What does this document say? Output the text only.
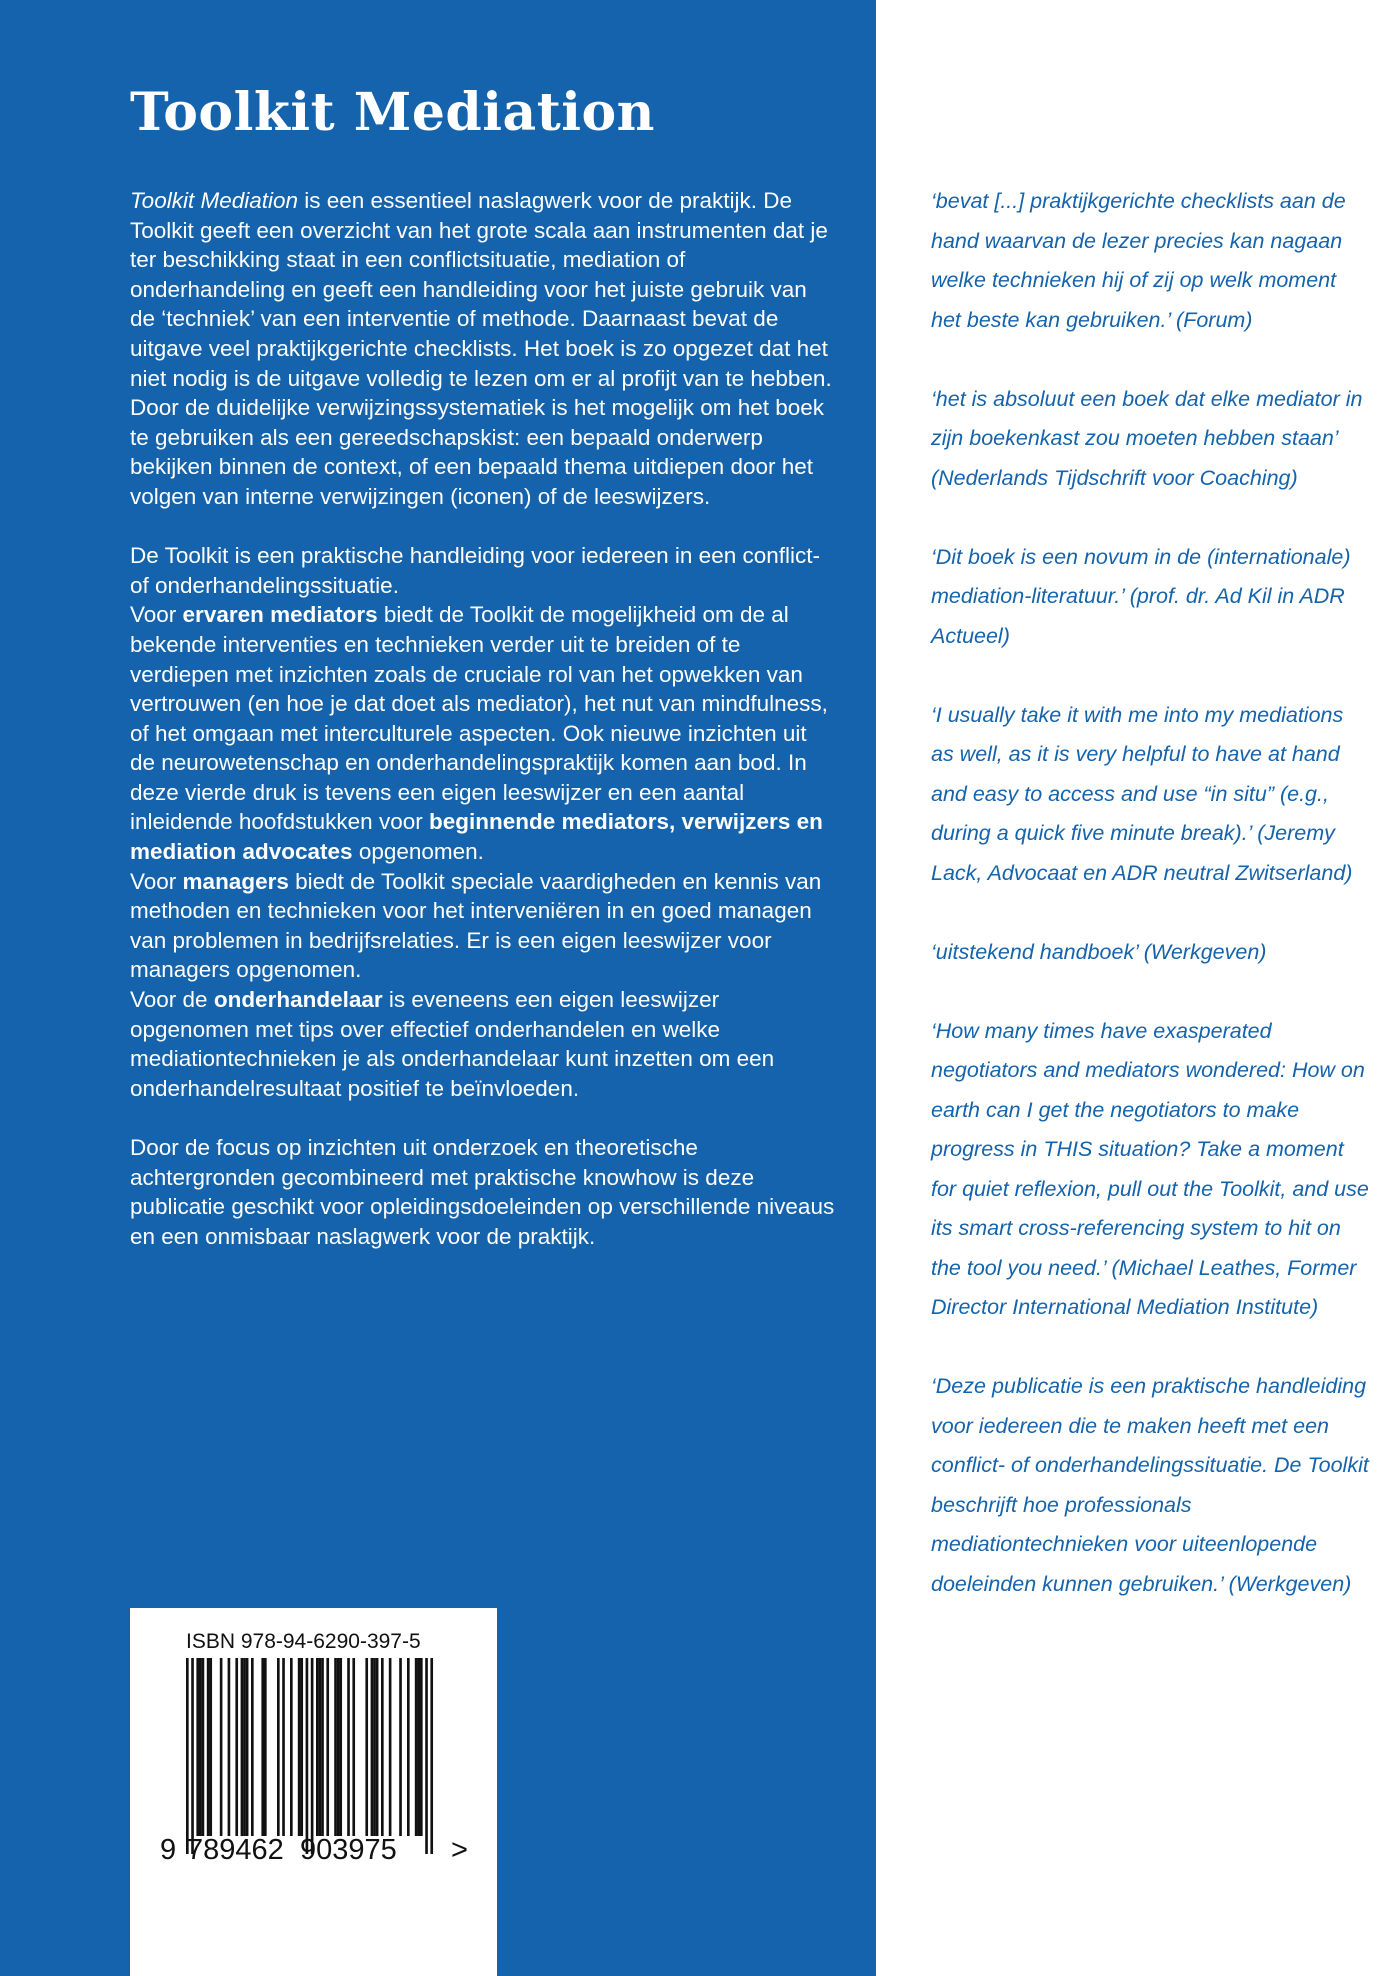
Toolkit Mediation

Toolkit Mediation is een essentieel naslagwerk voor de praktijk. De Toolkit geeft een overzicht van het grote scala aan instrumenten dat je ter beschikking staat in een conflictsituatie, mediation of onderhandeling en geeft een handleiding voor het juiste gebruik van de ‘techniek’ van een interventie of methode. Daarnaast bevat de uitgave veel praktijkgerichte checklists. Het boek is zo opgezet dat het niet nodig is de uitgave volledig te lezen om er al profijt van te hebben. Door de duidelijke verwijzingssystematiek is het mogelijk om het boek te gebruiken als een gereedschapskist: een bepaald onderwerp bekijken binnen de context, of een bepaald thema uitdiepen door het volgen van interne verwijzingen (iconen) of de leeswijzers.

De Toolkit is een praktische handleiding voor iedereen in een conflict- of onderhandelingssituatie.

Voor ervaren mediators biedt de Toolkit de mogelijkheid om de al bekende interventies en technieken verder uit te breiden of te verdiepen met inzichten zoals de cruciale rol van het opwekken van vertrouwen (en hoe je dat doet als mediator), het nut van mindfulness, of het omgaan met interculturele aspecten. Ook nieuwe inzichten uit de neurowetenschap en onderhandelingspraktijk komen aan bod. In deze vierde druk is tevens een eigen leeswijzer en een aantal inleidende hoofdstukken voor beginnende mediators, verwijzers en mediation advocates opgenomen.

Voor managers biedt de Toolkit speciale vaardigheden en kennis van methoden en technieken voor het interveniëren in en goed managen van problemen in bedrijfsrelaties. Er is een eigen leeswijzer voor managers opgenomen.

Voor de onderhandelaar is eveneens een eigen leeswijzer opgenomen met tips over effectief onderhandelen en welke mediationtechnieken je als onderhandelaar kunt inzetten om een onderhandelresultaat positief te beïnvloeden.

Door de focus op inzichten uit onderzoek en theoretische achtergronden gecombineerd met praktische knowhow is deze publicatie geschikt voor opleidingsdoeleinden op verschillende niveaus en een onmisbaar naslagwerk voor de praktijk.

ISBN 978-94-6290-397-5
9 789462 903975 >

‘bevat [...] praktijkgerichte checklists aan de hand waarvan de lezer precies kan nagaan welke technieken hij of zij op welk moment het beste kan gebruiken.’ (Forum)

‘het is absoluut een boek dat elke mediator in zijn boekenkast zou moeten hebben staan’ (Nederlands Tijdschrift voor Coaching)

‘Dit boek is een novum in de (internationale) mediation-literatuur.’ (prof. dr. Ad Kil in ADR Actueel)

‘I usually take it with me into my mediations as well, as it is very helpful to have at hand and easy to access and use “in situ” (e.g., during a quick five minute break).’ (Jeremy Lack, Advocaat en ADR neutral Zwitserland)

‘uitstekend handboek’ (Werkgeven)

‘How many times have exasperated negotiators and mediators wondered: How on earth can I get the negotiators to make progress in THIS situation? Take a moment for quiet reflexion, pull out the Toolkit, and use its smart cross-referencing system to hit on the tool you need.’ (Michael Leathes, Former Director International Mediation Institute)

‘Deze publicatie is een praktische handleiding voor iedereen die te maken heeft met een conflict- of onderhandelingssituatie. De Toolkit beschrijft hoe professionals mediationtechnieken voor uiteenlopende doeleinden kunnen gebruiken.’ (Werkgeven)
